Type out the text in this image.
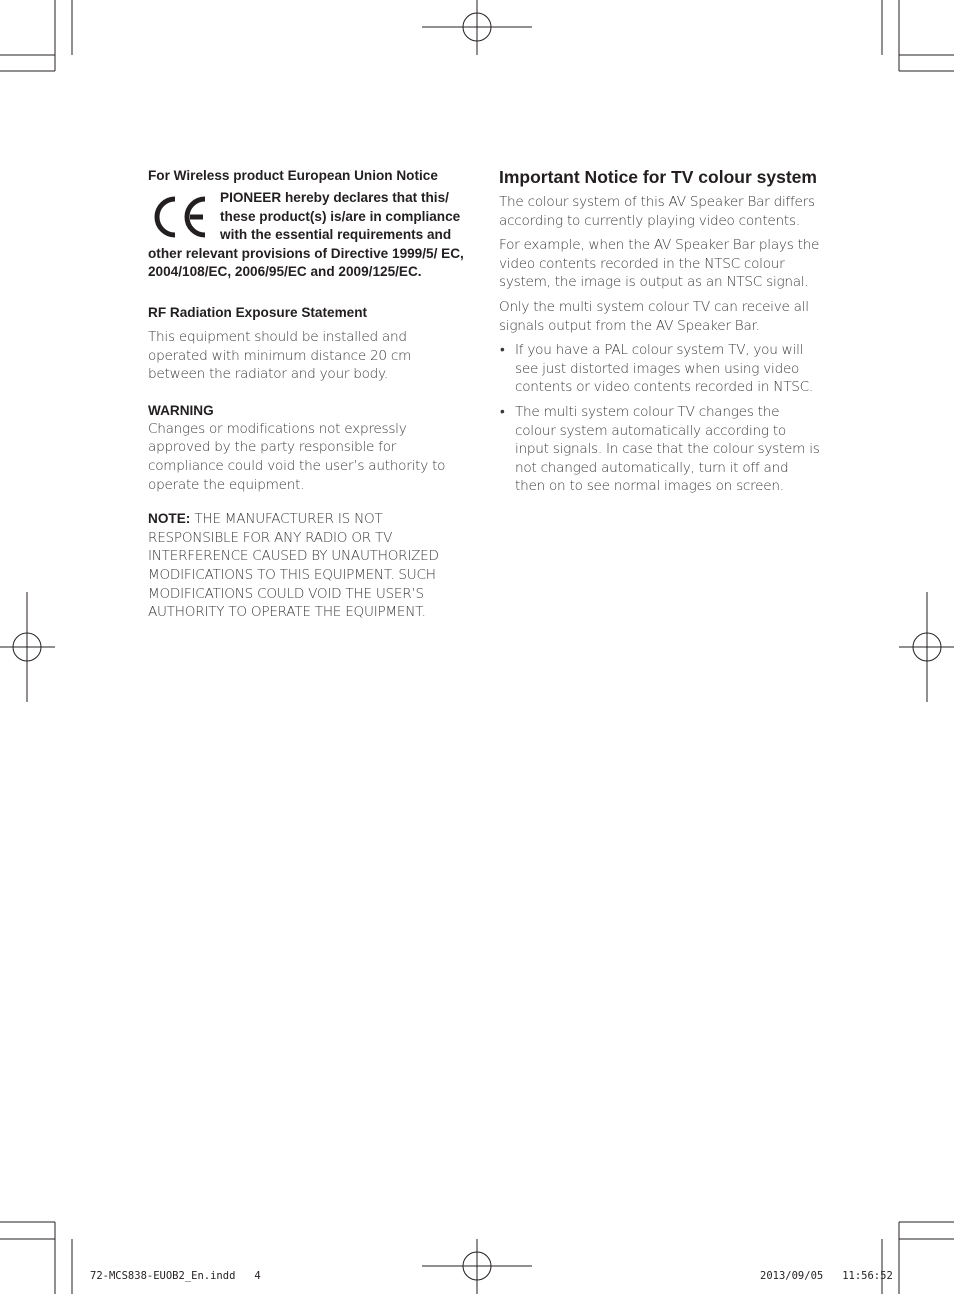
For Wireless product European Union Notice

PIONEER hereby declares that this/ these product(s) is/are in compliance with the essential requirements and

other relevant provisions of Directive 1999/5/ EC, 2004/108/EC, 2006/95/EC and 2009/125/EC.

RF Radiation Exposure Statement

This equipment should be installed and operated with minimum distance 20 cm between the radiator and your body.

WARNING

Changes or modifications not expressly approved by the party responsible for compliance could void the user’s authority to operate the equipment.

NOTE: THE MANUFACTURER IS NOT RESPONSIBLE FOR ANY RADIO OR TV INTERFERENCE CAUSED BY UNAUTHORIZED MODIFICATIONS TO THIS EQUIPMENT. SUCH MODIFICATIONS COULD VOID THE USER’S AUTHORITY TO OPERATE THE EQUIPMENT.

Important Notice for TV colour system

The colour system of this AV Speaker Bar differs according to currently playing video contents.

For example, when the AV Speaker Bar plays the video contents recorded in the NTSC colour system, the image is output as an NTSC signal.

Only the multi system colour TV can receive all signals output from the AV Speaker Bar.

• If you have a PAL colour system TV, you will see just distorted images when using video contents or video contents recorded in NTSC.
• The multi system colour TV changes the colour system automatically according to input signals. In case that the colour system is not changed automatically, turn it off and then on to see normal images on screen.
72-MCS838-EUOB2_En.indd 4	2013/09/05 11:56:52
